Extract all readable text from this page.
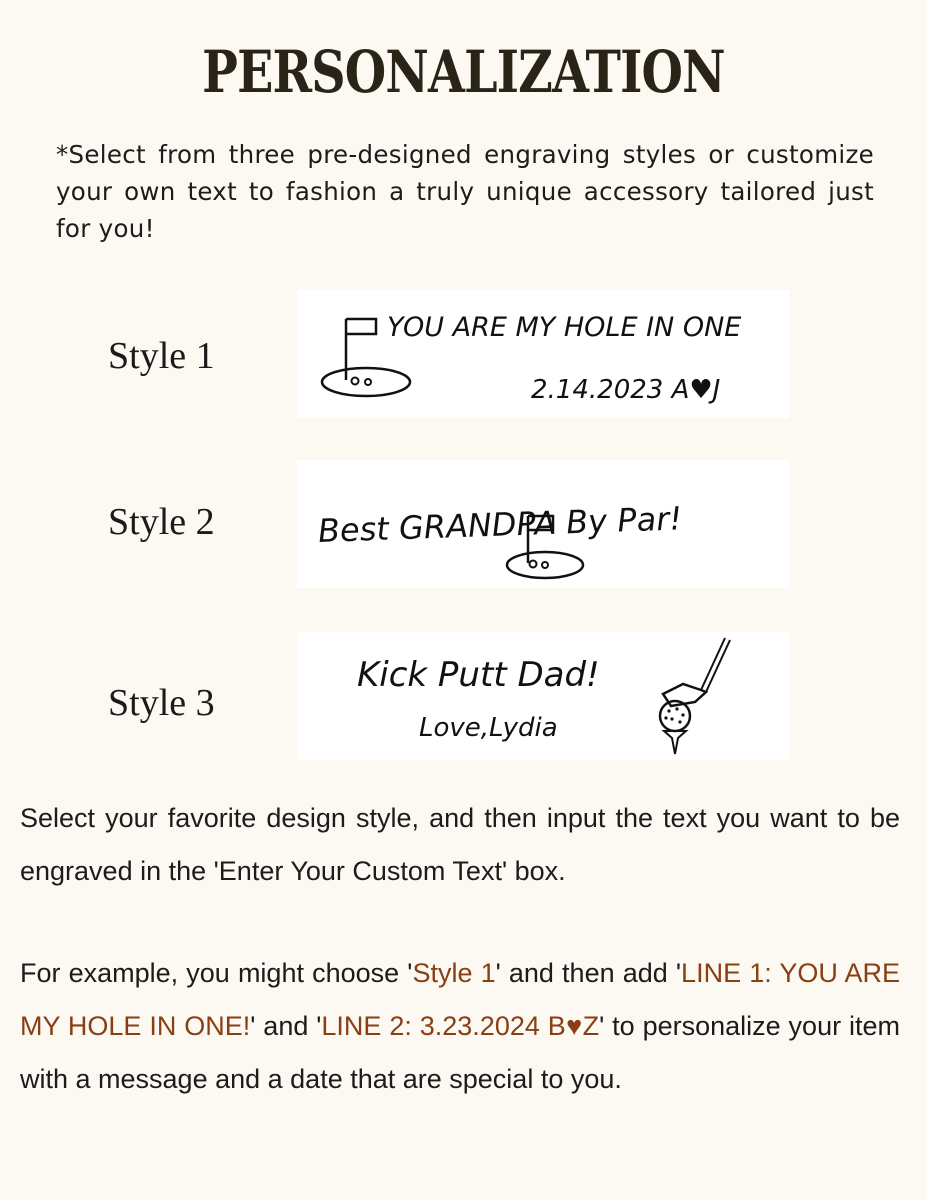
PERSONALIZATION
*Select from three pre-designed engraving styles or customize your own text to fashion a truly unique accessory tailored just for you!
Style 1
YOU ARE MY HOLE IN ONE
2.14.2023 A♥J
Style 2	Best GRANDPA By Par!
Style 3
Kick Putt Dad!
Love,Lydia
Select your favorite design style, and then input the text you want to be engraved in the 'Enter Your Custom Text' box.
For example, you might choose 'Style 1' and then add 'LINE 1: YOU ARE MY HOLE IN ONE!' and 'LINE 2: 3.23.2024 B♥Z' to personalize your item with a message and a date that are special to you.
